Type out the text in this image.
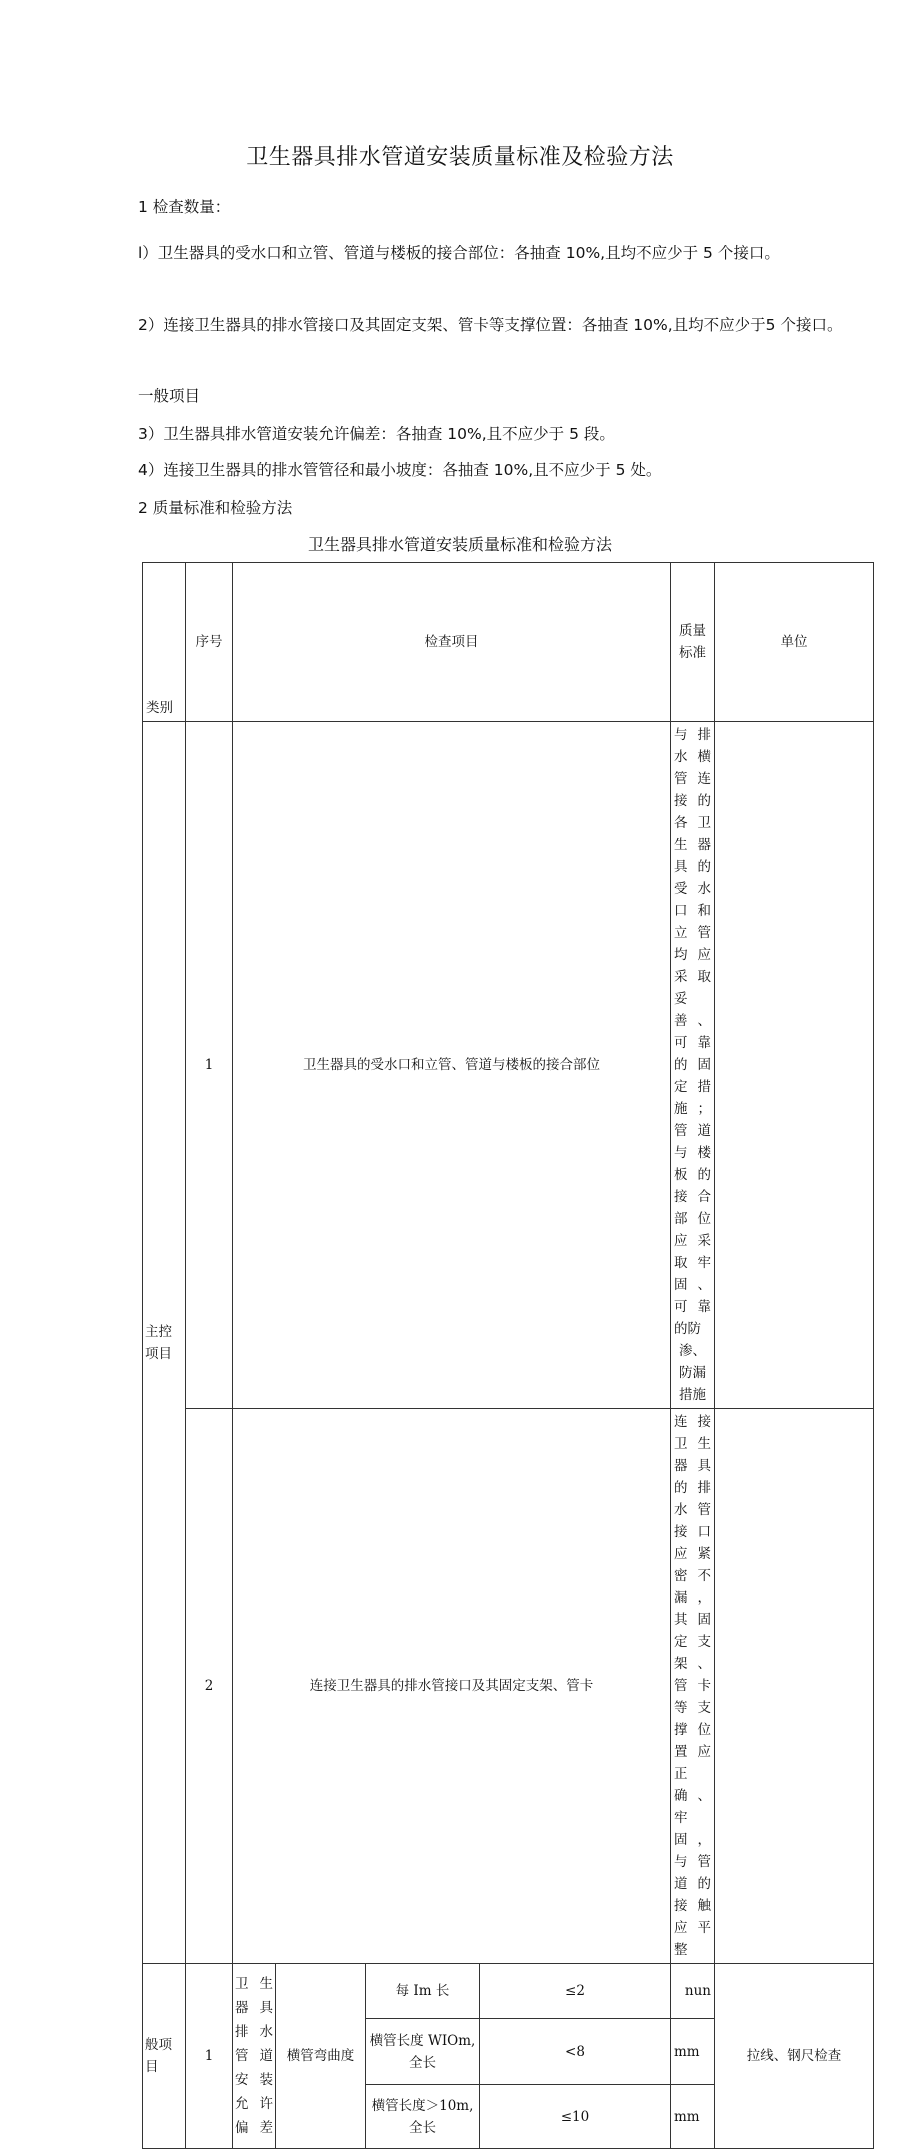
卫生器具排水管道安装质量标准及检验方法

1 检查数量：

l）卫生器具的受水口和立管、管道与楼板的接合部位：各抽查 10%,且均不应少于 5 个接口。

2）连接卫生器具的排水管接口及其固定支架、管卡等支撑位置：各抽查 10%,且均不应少于5 个接口。

一般项目

3）卫生器具排水管道安装允许偏差：各抽查 10%,且不应少于 5 段。

4）连接卫生器具的排水管管径和最小坡度：各抽查 10%,且不应少于 5 处。

2 质量标准和检验方法

卫生器具排水管道安装质量标准和检验方法
类别	序号	检查项目				质量标准	单位	
主控项目	1	卫生器具的受水口和立管、管道与楼板的接合部位				与排水横管连接的各卫生器具的受水口和立管均应采取妥善、可靠的固定措施；管道与楼板的接合部位应采取牢固、可靠的防
渗、防漏措施

	2	连接卫生器具的排水管接口及其固定支架、管卡				连接卫生器具的排水管接口应紧密不漏，其固定支架、管卡等支撑位置应正确、牢固，与管道的接触应平整		
般项目	1	卫生器具排水管道安装允许偏差	横管弯曲度	每 Im 长	≤2	nun	拉线、钢尺检查	
				横管长度 WIOm, 全长	<8	mm		
				横管长度＞10m, 全长	≤10	mm		
